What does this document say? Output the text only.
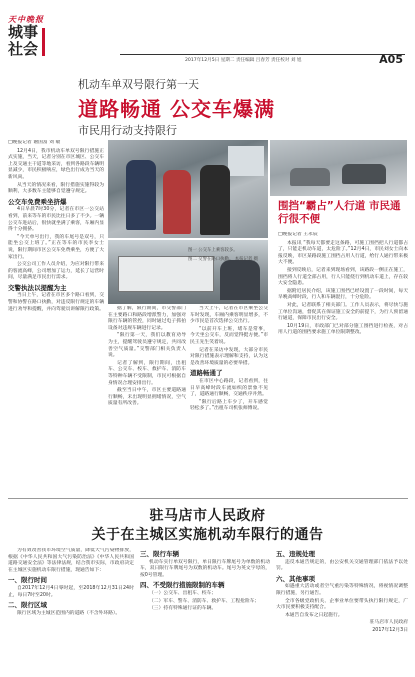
天中晚报
城事
社会
2017年12月5日 星期二 责任编辑 吕春芳 责任校对 刘 旭	A05
机动车单双号限行第一天
道路畅通 公交车爆满
市民用行动支持限行
□晚报记者 谢国富 刘 敏

12月4日，我市机动车单双号限行措施正式实施，当天，记者分别在市区城区、公交车上及交通主干道等地采访，看到各路段车辆明显减少，市民积极响应，绿色出行成为当天的新风尚。

从当天的情况来看，限行措施实施得较为顺利，大多数车主能够自觉遵守规定。

公交车免费乘坐挤爆

4日早晨7时30分，记者在市区一公交站看到，前来等车的市民比往日多了不少。一辆公交车进站后，很快就坐满了乘客，车厢内显得十分拥挤。

“今天单号出行，我的车尾号是双号，只能坐公交上班了。”正在等车的市民李女士说，限行期间市区公交车免费乘坐，方便了大家出行。

公交公司工作人员介绍，为应对限行带来的客流高峰，公司增加了运力，延长了运营时间，尽量满足市民出行需求。

交警执法以提醒为主

当日上午，记者在市区多个路口看到，交警和协警在路口执勤，对违反限行规定的车辆进行劝导和提醒，并向驾驶员讲解限行政策。

图一 公交车上乘客较多。
图二 交警在路口执勤。 本报记者 摄

据了解，限行期间，市交警部门在主要路口和路段增派警力，加强对限行车辆的管控，同时通过电子抓拍设备对违规车辆进行记录。

“限行第一天，我们以教育劝导为主，提醒驾驶员遵守规定，共同改善空气质量。”交警部门相关负责人说。

记者了解到，限行期间，出租车、公交车、校车、救护车、消防车等特种车辆不受限制，市民可根据自身情况合理安排出行。

截至当日中午，市区主要道路通行顺畅，未出现明显拥堵情况，空气质量有所改善。

当天上午，记者在市区乘坐公交车时发现，车厢内乘客明显增多，不少市民是首次选择公交出行。

“以前开车上班，堵车是常事，今天坐公交车，反而觉得挺方便。”市民王先生笑着说。

记者在采访中发现，大部分市民对限行措施表示理解和支持，认为这是改善环境质量的必要举措。

道路畅通了

在市区中心路段，记者看到，往日早高峰时段车流如织的景象不见了，道路通行顺畅，交通秩序井然。

“限行后路上车少了，开车感觉轻松多了。”出租车司机张师傅说。

围挡“霸占”人行道 市民通行很不便
□晚报记者 王永辰

本报讯 “我每天都要走这条路，可施工围挡把人行道都占了，只能走机动车道，太危险了。”12月4日，市民刘女士向本报反映，市区某路段施工围挡占用人行道，给行人通行带来极大不便。

接到反映后，记者来到现场看到，该路段一侧正在施工，围挡将人行道全部占用，行人只能绕行到机动车道上，存在较大安全隐患。

据附近居民介绍，该施工围挡已经设置了一段时间，每天早晚高峰时段，行人和车辆混行，十分危险。

对此，记者联系了相关部门。工作人员表示，将尽快与施工单位沟通，督促其在保证施工安全的前提下，为行人预留通行通道，保障市民出行安全。

10月19日，市政部门已对部分施工围挡进行检查，对占用人行道的围挡要求施工单位限期整改。

驻马店市人民政府
关于在主城区实施机动车限行的通告

为有效改善我市环境空气质量，降低大气污染物排放，根据《中华人民共和国大气污染防治法》《中华人民共和国道路交通安全法》等法律法规，结合我市实际，市政府决定在主城区实施机动车限行措施，现通告如下：

一、限行时间

自2017年12月4日零时起，至2018年12月31日24时止，每日7时至20时。

二、限行区域

限行区域为主城区范围内的道路（不含外环路）。

三、限行车辆

机动车实行单双号限行，单日限行车牌尾号为单数的机动车，双日限行车牌尾号为双数的机动车。尾号为英文字母的，按0号管理。

四、不受限行措施限制的车辆

（一）公交车、出租车、校车；

（二）军车、警车、消防车、救护车、工程抢险车；

（三）持有特殊通行证的车辆。

五、违规处理

违反本通告规定的，由公安机关交通管理部门依法予以处罚。

六、其他事项

如遇重大活动或者空气重污染等特殊情况，将视情况调整限行措施，另行通告。

全市各级党政机关、企事业单位要带头执行限行规定，广大市民要积极支持配合。

本通告自发布之日起施行。

驻马店市人民政府

2017年12月3日
